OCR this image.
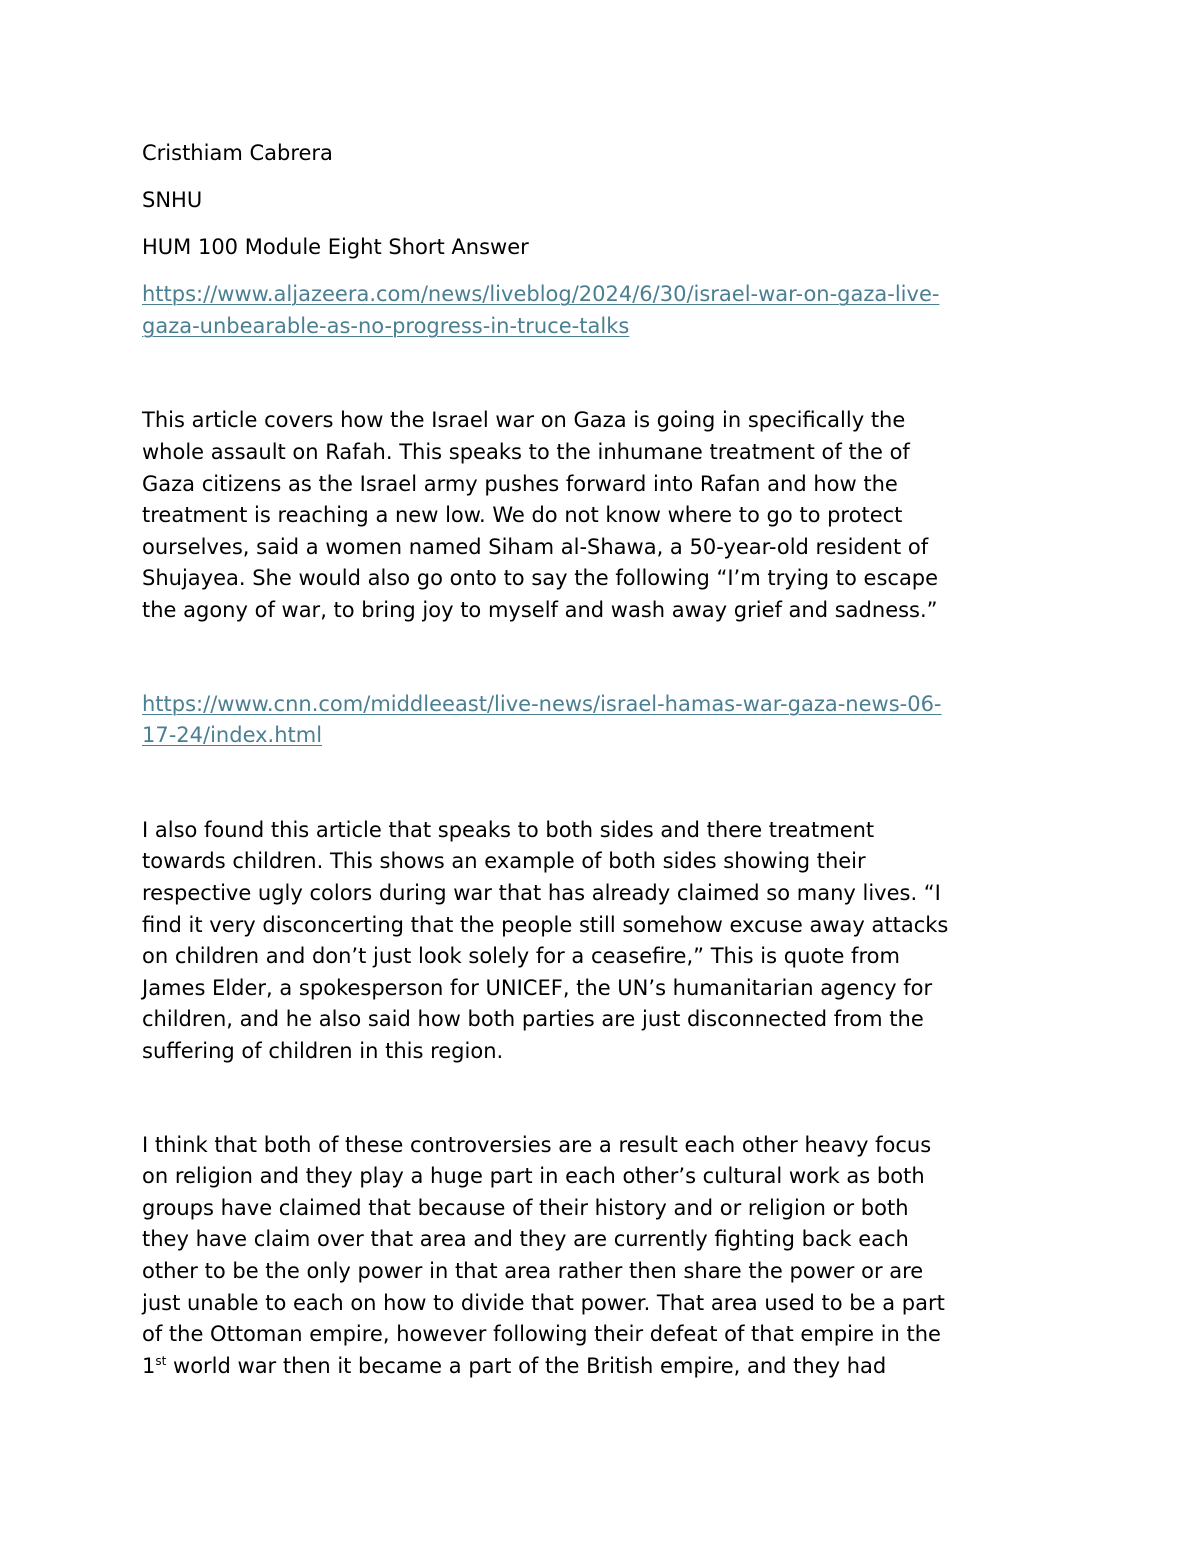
Cristhiam Cabrera

SNHU

HUM 100 Module Eight Short Answer

https://www.aljazeera.com/news/liveblog/2024/6/30/israel-war-on-gaza-live-
gaza-unbearable-as-no-progress-in-truce-talks

This article covers how the Israel war on Gaza is going in specifically the
whole assault on Rafah. This speaks to the inhumane treatment of the of
Gaza citizens as the Israel army pushes forward into Rafan and how the
treatment is reaching a new low. We do not know where to go to protect
ourselves, said a women named Siham al-Shawa, a 50-year-old resident of
Shujayea. She would also go onto to say the following “I’m trying to escape
the agony of war, to bring joy to myself and wash away grief and sadness.”

https://www.cnn.com/middleeast/live-news/israel-hamas-war-gaza-news-06-
17-24/index.html

I also found this article that speaks to both sides and there treatment
towards children. This shows an example of both sides showing their
respective ugly colors during war that has already claimed so many lives. “I
find it very disconcerting that the people still somehow excuse away attacks
on children and don’t just look solely for a ceasefire,” This is quote from
James Elder, a spokesperson for UNICEF, the UN’s humanitarian agency for
children, and he also said how both parties are just disconnected from the
suffering of children in this region.

I think that both of these controversies are a result each other heavy focus
on religion and they play a huge part in each other’s cultural work as both
groups have claimed that because of their history and or religion or both
they have claim over that area and they are currently fighting back each
other to be the only power in that area rather then share the power or are
just unable to each on how to divide that power. That area used to be a part
of the Ottoman empire, however following their defeat of that empire in the
1st world war then it became a part of the British empire, and they had
